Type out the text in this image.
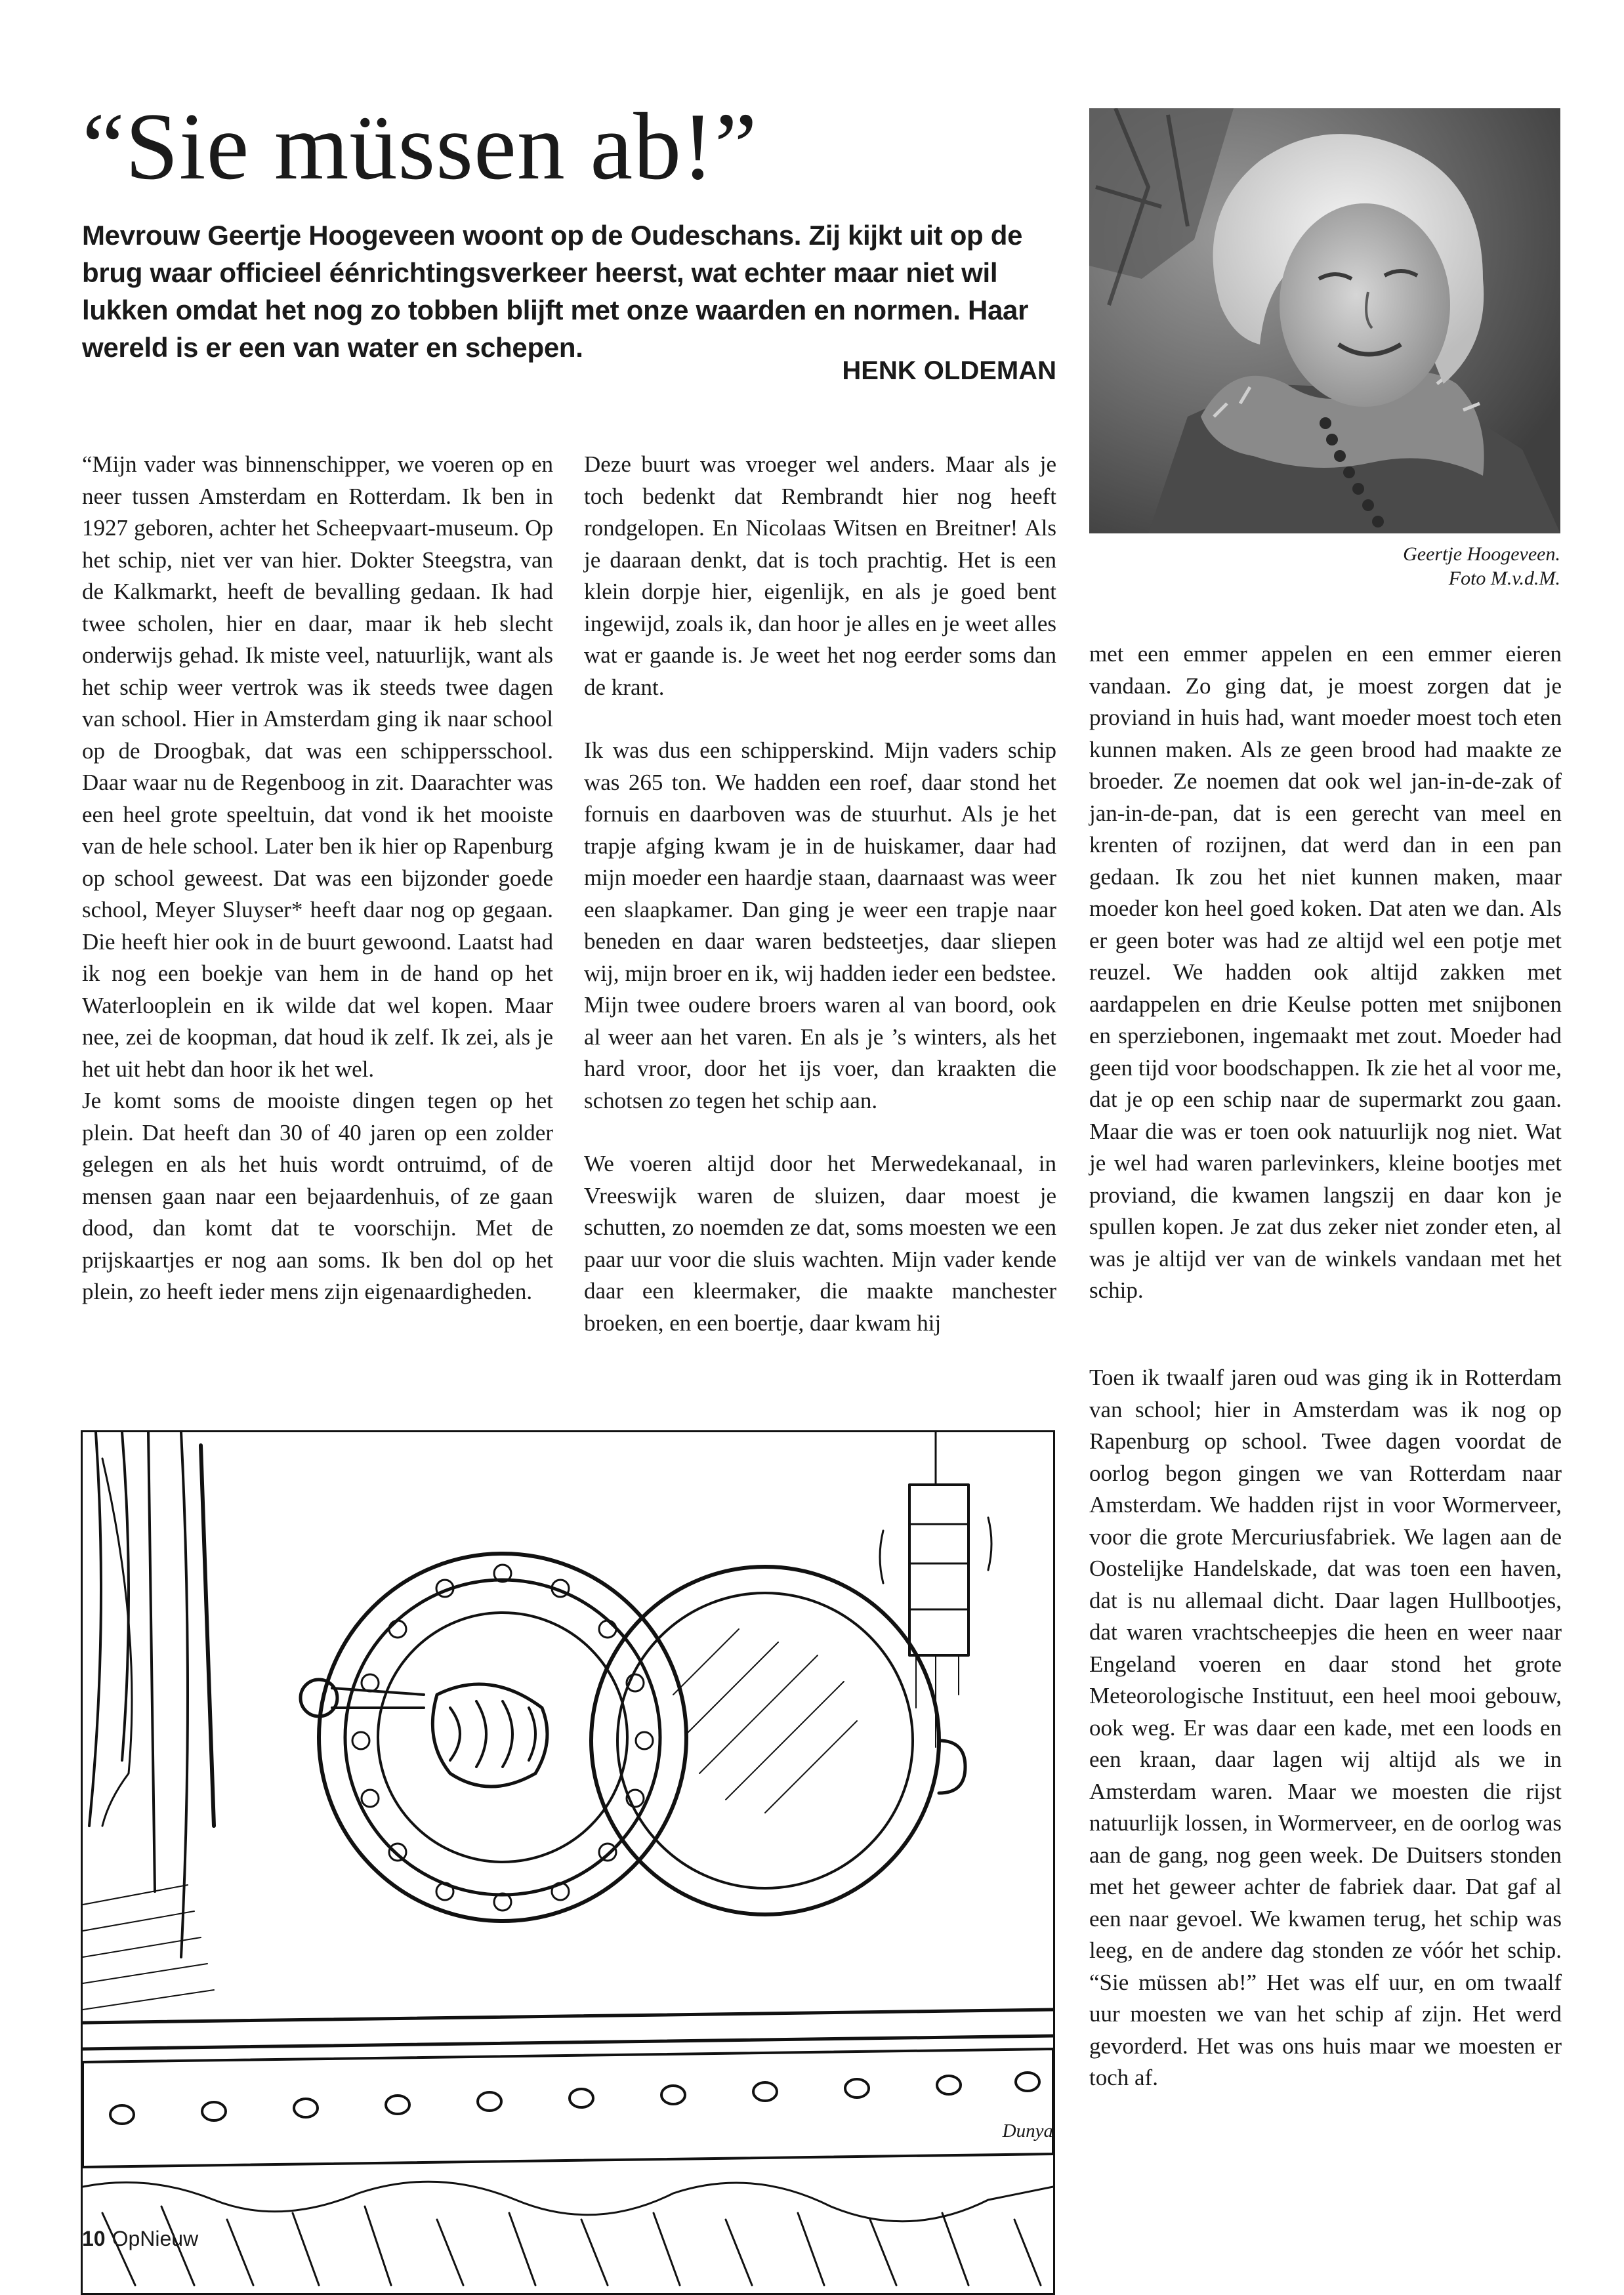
“Sie müssen ab!”

Mevrouw Geertje Hoogeveen woont op de Oudeschans. Zij kijkt uit op de brug waar officieel éénrichtingsverkeer heerst, wat echter maar niet wil lukken omdat het nog zo tobben blijft met onze waarden en normen. Haar wereld is er een van water en schepen.

HENK OLDEMAN
Geertje Hoogeveen.
Foto M.v.d.M.

“Mijn vader was binnenschipper, we voeren op en neer tussen Amsterdam en Rotterdam. Ik ben in 1927 geboren, achter het Scheepvaart-museum. Op het schip, niet ver van hier. Dokter Steegstra, van de Kalkmarkt, heeft de bevalling gedaan. Ik had twee scholen, hier en daar, maar ik heb slecht onderwijs gehad. Ik miste veel, natuurlijk, want als het schip weer vertrok was ik steeds twee dagen van school. Hier in Amsterdam ging ik naar school op de Droogbak, dat was een schippersschool. Daar waar nu de Regenboog in zit. Daarachter was een heel grote speeltuin, dat vond ik het mooiste van de hele school. Later ben ik hier op Rapenburg op school geweest. Dat was een bijzonder goede school, Meyer Sluyser* heeft daar nog op gegaan. Die heeft hier ook in de buurt gewoond. Laatst had ik nog een boekje van hem in de hand op het Waterlooplein en ik wilde dat wel kopen. Maar nee, zei de koopman, dat houd ik zelf. Ik zei, als je het uit hebt dan hoor ik het wel.

Je komt soms de mooiste dingen tegen op het plein. Dat heeft dan 30 of 40 jaren op een zolder gelegen en als het huis wordt ontruimd, of de mensen gaan naar een bejaardenhuis, of ze gaan dood, dan komt dat te voorschijn. Met de prijskaartjes er nog aan soms. Ik ben dol op het plein, zo heeft ieder mens zijn eigenaardigheden.

Deze buurt was vroeger wel anders. Maar als je toch bedenkt dat Rembrandt hier nog heeft rondgelopen. En Nicolaas Witsen en Breitner! Als je daaraan denkt, dat is toch prachtig. Het is een klein dorpje hier, eigenlijk, en als je goed bent ingewijd, zoals ik, dan hoor je alles en je weet alles wat er gaande is. Je weet het nog eerder soms dan de krant.

Ik was dus een schipperskind. Mijn vaders schip was 265 ton. We hadden een roef, daar stond het fornuis en daarboven was de stuurhut. Als je het trapje afging kwam je in de huiskamer, daar had mijn moeder een haardje staan, daarnaast was weer een slaapkamer. Dan ging je weer een trapje naar beneden en daar waren bedsteetjes, daar sliepen wij, mijn broer en ik, wij hadden ieder een bedstee. Mijn twee oudere broers waren al van boord, ook al weer aan het varen. En als je ’s winters, als het hard vroor, door het ijs voer, dan kraakten die schotsen zo tegen het schip aan.

We voeren altijd door het Merwedekanaal, in Vreeswijk waren de sluizen, daar moest je schutten, zo noemden ze dat, soms moesten we een paar uur voor die sluis wachten. Mijn vader kende daar een kleermaker, die maakte manchester broeken, en een boertje, daar kwam hij

met een emmer appelen en een emmer eieren vandaan. Zo ging dat, je moest zorgen dat je proviand in huis had, want moeder moest toch eten kunnen maken. Als ze geen brood had maakte ze broeder. Ze noemen dat ook wel jan-in-de-zak of jan-in-de-pan, dat is een gerecht van meel en krenten of rozijnen, dat werd dan in een pan gedaan. Ik zou het niet kunnen maken, maar moeder kon heel goed koken. Dat aten we dan. Als er geen boter was had ze altijd wel een potje met reuzel. We hadden ook altijd zakken met aardappelen en drie Keulse potten met snijbonen en sperziebonen, ingemaakt met zout. Moeder had geen tijd voor boodschappen. Ik zie het al voor me, dat je op een schip naar de supermarkt zou gaan. Maar die was er toen ook natuurlijk nog niet. Wat je wel had waren parlevinkers, kleine bootjes met proviand, die kwamen langszij en daar kon je spullen kopen. Je zat dus zeker niet zonder eten, al was je altijd ver van de winkels vandaan met het schip.

Toen ik twaalf jaren oud was ging ik in Rotterdam van school; hier in Amsterdam was ik nog op Rapenburg op school. Twee dagen voordat de oorlog begon gingen we van Rotterdam naar Amsterdam. We hadden rijst in voor Wormerveer, voor die grote Mercuriusfabriek. We lagen aan de Oostelijke Handelskade, dat was toen een haven, dat is nu allemaal dicht. Daar lagen Hullbootjes, dat waren vrachtscheepjes die heen en weer naar Engeland voeren en daar stond het grote Meteorologische Instituut, een heel mooi gebouw, ook weg. Er was daar een kade, met een loods en een kraan, daar lagen wij altijd als we in Amsterdam waren. Maar we moesten die rijst natuurlijk lossen, in Wormerveer, en de oorlog was aan de gang, nog geen week. De Duitsers stonden met het geweer achter de fabriek daar. Dat gaf al een naar gevoel. We kwamen terug, het schip was leeg, en de andere dag stonden ze vóór het schip. “Sie müssen ab!” Het was elf uur, en om twaalf uur moesten we van het schip af zijn. Het werd gevorderd. Het was ons huis maar we moesten er toch af.

Dunya
10 OpNieuw
